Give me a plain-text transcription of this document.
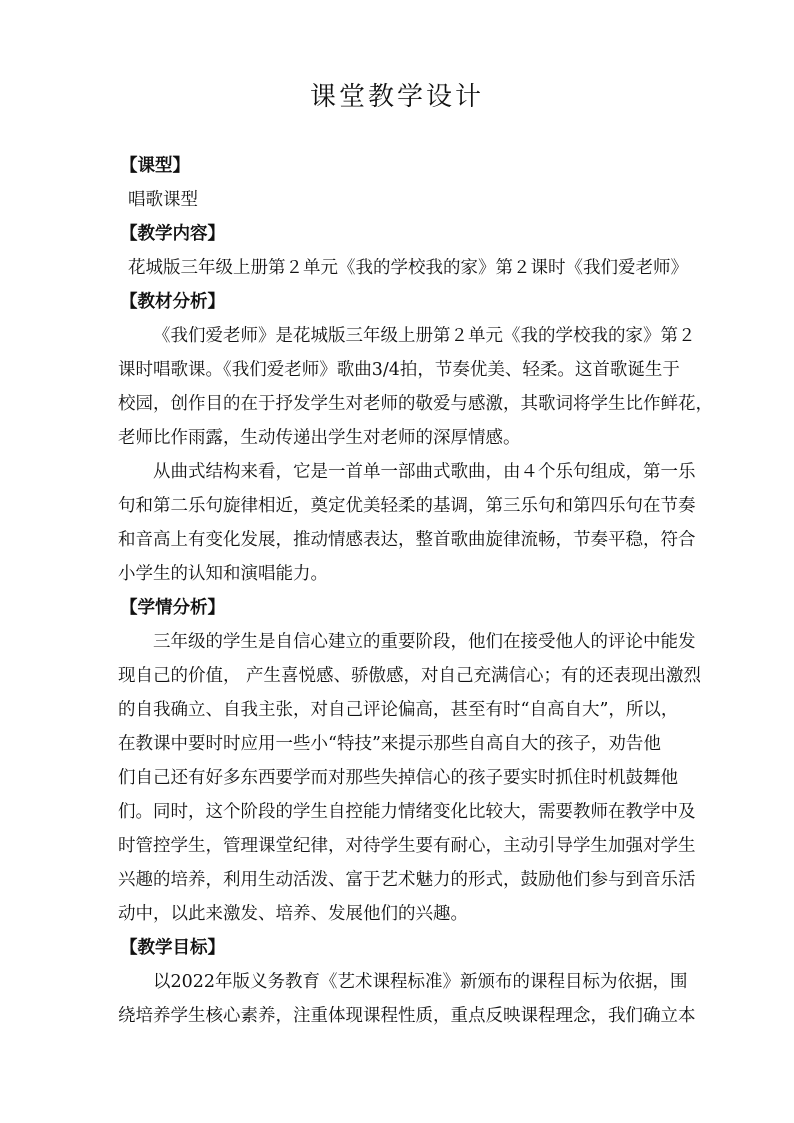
课堂教学设计
【课型】
唱歌课型
【教学内容】
花城版三年级上册第２单元《我的学校我的家》第２课时《我们爱老师》
【教材分析】
《我们爱老师》是花城版三年级上册第２单元《我的学校我的家》第２
课时唱歌课。《我们爱老师》歌曲3/4拍，节奏优美、轻柔。这首歌诞生于
校园，创作目的在于抒发学生对老师的敬爱与感激，其歌词将学生比作鲜花，
老师比作雨露，生动传递出学生对老师的深厚情感。
从曲式结构来看，它是一首单一部曲式歌曲，由４个乐句组成，第一乐
句和第二乐句旋律相近，奠定优美轻柔的基调，第三乐句和第四乐句在节奏
和音高上有变化发展，推动情感表达，整首歌曲旋律流畅，节奏平稳，符合
小学生的认知和演唱能力。
【学情分析】
三年级的学生是自信心建立的重要阶段，他们在接受他人的评论中能发
现自己的价值， 产生喜悦感、骄傲感，对自己充满信心；有的还表现出激烈
的自我确立、自我主张，对自己评论偏高，甚至有时“自高自大”，所以，
在教课中要时时应用一些小“特技”来提示那些自高自大的孩子，劝告他
们自己还有好多东西要学而对那些失掉信心的孩子要实时抓住时机鼓舞他
们。同时，这个阶段的学生自控能力情绪变化比较大，需要教师在教学中及
时管控学生，管理课堂纪律，对待学生要有耐心，主动引导学生加强对学生
兴趣的培养，利用生动活泼、富于艺术魅力的形式，鼓励他们参与到音乐活
动中，以此来激发、培养、发展他们的兴趣。
【教学目标】
以2022年版义务教育《艺术课程标准》新颁布的课程目标为依据，围
绕培养学生核心素养，注重体现课程性质，重点反映课程理念，我们确立本
